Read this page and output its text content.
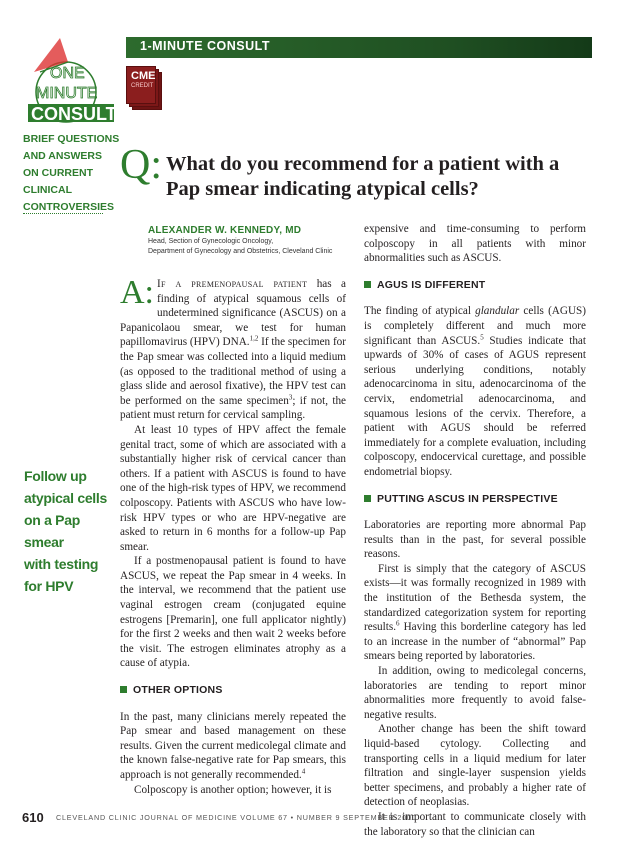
ONE
MINUTE
CONSULT
CME
CREDIT
1-MINUTE CONSULT
BRIEF QUESTIONS
AND ANSWERS
ON CURRENT
CLINICAL
CONTROVERSIES
Follow up
atypical cells
on a Pap smear
with testing
for HPV
Q: What do you recommend for a patient with a Pap smear indicating atypical cells?
ALEXANDER W. KENNEDY, MD
Head, Section of Gynecologic Oncology,
Department of Gynecology and Obstetrics, Cleveland Clinic

A: If a premenopausal patient has a finding of atypical squamous cells of undetermined significance (ASCUS) on a Papanicolaou smear, we test for human papillomavirus (HPV) DNA.$^{1,2}$ If the specimen for the Pap smear was collected into a liquid medium (as opposed to the traditional method of using a glass slide and aerosol fixative), the HPV test can be performed on the same specimen$^3$; if not, the patient must return for cervical sampling.

At least 10 types of HPV affect the female genital tract, some of which are associated with a substantially higher risk of cervical cancer than others. If a patient with ASCUS is found to have one of the high-risk types of HPV, we recommend colposcopy. Patients with ASCUS who have low-risk HPV types or who are HPV-negative are asked to return in 6 months for a follow-up Pap smear.

If a postmenopausal patient is found to have ASCUS, we repeat the Pap smear in 4 weeks. In the interval, we recommend that the patient use vaginal estrogen cream (conjugated equine estrogens [Premarin], one full applicator nightly) for the first 2 weeks and then wait 2 weeks before the visit. The estrogen eliminates atrophy as a cause of atypia.

OTHER OPTIONS

In the past, many clinicians merely repeated the Pap smear and based management on these results. Given the current medicolegal climate and the known false-negative rate for Pap smears, this approach is not generally recommended.$^4$

Colposcopy is another option; however, it is

expensive and time-consuming to perform colposcopy in all patients with minor abnormalities such as ASCUS.

AGUS IS DIFFERENT

The finding of atypical glandular cells (AGUS) is completely different and much more significant than ASCUS.$^5$ Studies indicate that upwards of 30% of cases of AGUS represent serious underlying conditions, notably adenocarcinoma in situ, adenocarcinoma of the cervix, endometrial adenocarcinoma, and squamous lesions of the cervix. Therefore, a patient with AGUS should be referred immediately for a complete evaluation, including colposcopy, endocervical curettage, and possible endometrial biopsy.

PUTTING ASCUS IN PERSPECTIVE

Laboratories are reporting more abnormal Pap results than in the past, for several possible reasons.

First is simply that the category of ASCUS exists—it was formally recognized in 1989 with the institution of the Bethesda system, the standardized categorization system for reporting results.$^6$ Having this borderline category has led to an increase in the number of “abnormal” Pap smears being reported by laboratories.

In addition, owing to medicolegal concerns, laboratories are tending to report minor abnormalities more frequently to avoid false-negative results.

Another change has been the shift toward liquid-based cytology. Collecting and transporting cells in a liquid medium for later filtration and single-layer suspension yields better specimens, and probably a higher rate of detection of neoplasias.

It is important to communicate closely with the laboratory so that the clinician can

610 CLEVELAND CLINIC JOURNAL OF MEDICINE VOLUME 67 • NUMBER 9 SEPTEMBER 2000
